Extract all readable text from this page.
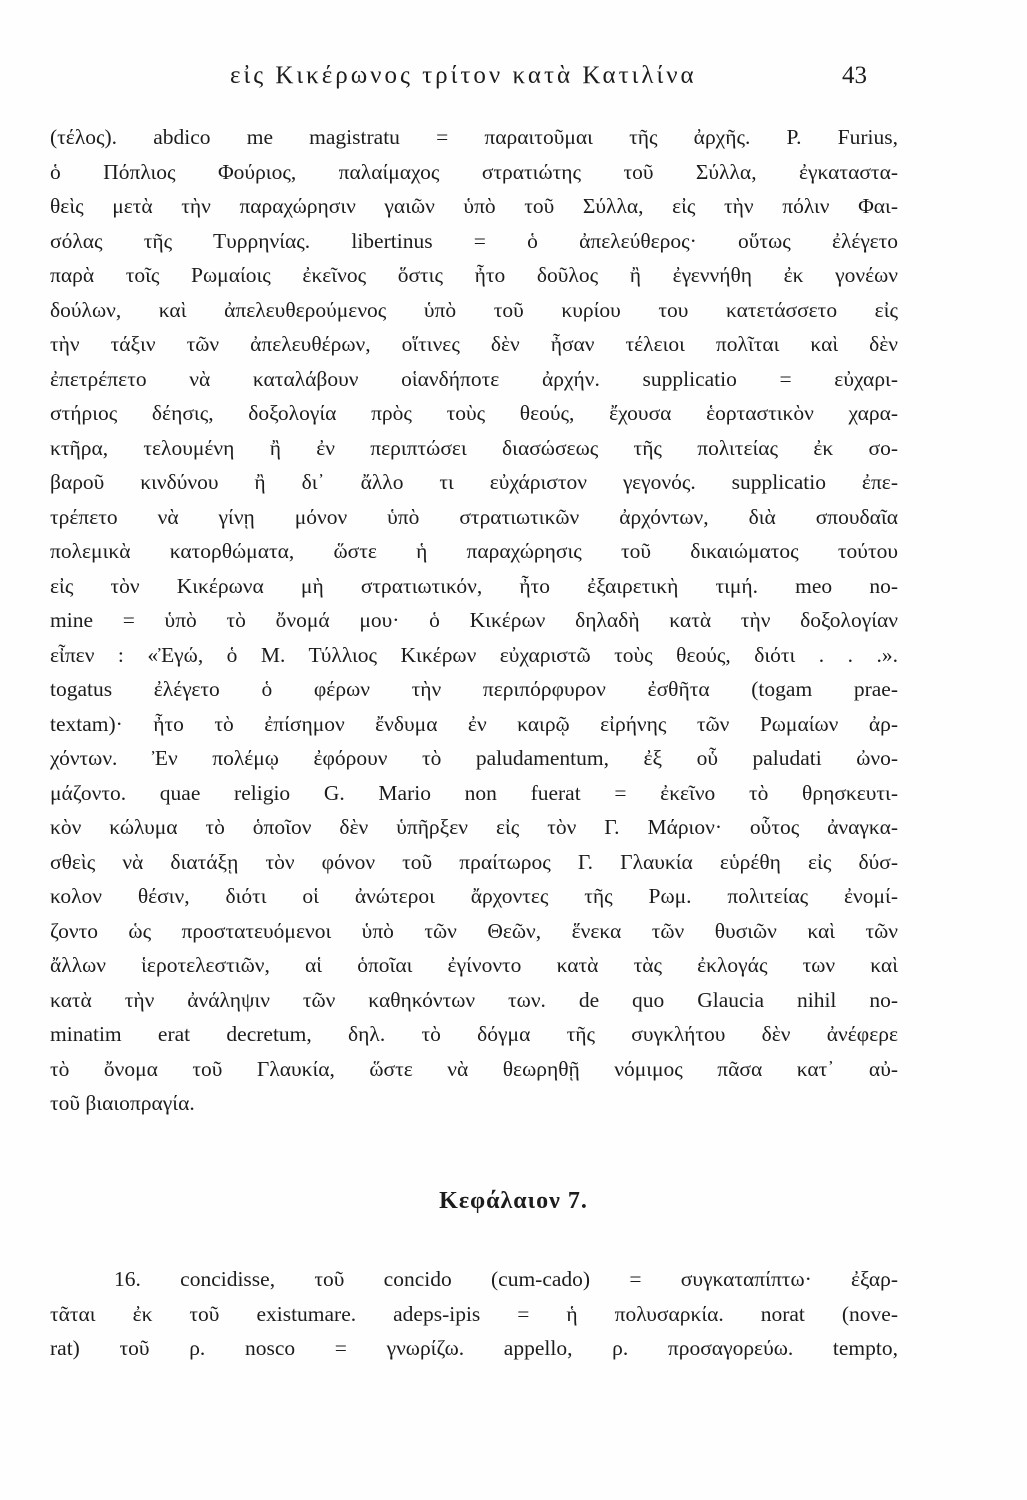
εἰς Κικέρωνος τρίτον κατὰ Κατιλίνα	43
(τέλος). abdico me magistratu = παραιτοῦμαι τῆς ἀρχῆς. P. Furius,
ὁ Πόπλιος Φούριος, παλαίμαχος στρατιώτης τοῦ Σύλλα, ἐγκαταστα-
θεὶς μετὰ τὴν παραχώρησιν γαιῶν ὑπὸ τοῦ Σύλλα, εἰς τὴν πόλιν Φαι-
σόλας τῆς Τυρρηνίας. libertinus = ὁ ἀπελεύθερος· οὕτως ἐλέγετο
παρὰ τοῖς Ρωμαίοις ἐκεῖνος ὅστις ἦτο δοῦλος ἢ ἐγεννήθη ἐκ γονέων
δούλων, καὶ ἀπελευθερούμενος ὑπὸ τοῦ κυρίου του κατετάσσετο εἰς
τὴν τάξιν τῶν ἀπελευθέρων, οἵτινες δὲν ἦσαν τέλειοι πολῖται καὶ δὲν
ἐπετρέπετο νὰ καταλάβουν οἱανδήποτε ἀρχήν. supplicatio = εὐχαρι-
στήριος δέησις, δοξολογία πρὸς τοὺς θεούς, ἔχουσα ἑορταστικὸν χαρα-
κτῆρα, τελουμένη ἢ ἐν περιπτώσει διασώσεως τῆς πολιτείας ἐκ σο-
βαροῦ κινδύνου ἢ δι᾽ ἄλλο τι εὐχάριστον γεγονός. supplicatio ἐπε-
τρέπετο νὰ γίνῃ μόνον ὑπὸ στρατιωτικῶν ἀρχόντων, διὰ σπουδαῖα
πολεμικὰ κατορθώματα, ὥστε ἡ παραχώρησις τοῦ δικαιώματος τούτου
εἰς τὸν Κικέρωνα μὴ στρατιωτικόν, ἦτο ἐξαιρετικὴ τιμή. meo no-
mine = ὑπὸ τὸ ὄνομά μου· ὁ Κικέρων δηλαδὴ κατὰ τὴν δοξολογίαν
εἶπεν : «Ἐγώ, ὁ Μ. Τύλλιος Κικέρων εὐχαριστῶ τοὺς θεούς, διότι . . .».
togatus ἐλέγετο ὁ φέρων τὴν περιπόρφυρον ἐσθῆτα (togam prae-
textam)· ἦτο τὸ ἐπίσημον ἔνδυμα ἐν καιρῷ εἰρήνης τῶν Ρωμαίων ἀρ-
χόντων. Ἐν πολέμῳ ἐφόρουν τὸ paludamentum, ἐξ οὗ paludati ὠνο-
μάζοντο. quae religio G. Mario non fuerat = ἐκεῖνο τὸ θρησκευτι-
κὸν κώλυμα τὸ ὁποῖον δὲν ὑπῆρξεν εἰς τὸν Γ. Μάριον· οὗτος ἀναγκα-
σθεὶς νὰ διατάξῃ τὸν φόνον τοῦ πραίτωρος Γ. Γλαυκία εὑρέθη εἰς δύσ-
κολον θέσιν, διότι οἱ ἀνώτεροι ἄρχοντες τῆς Ρωμ. πολιτείας ἐνομί-
ζοντο ὡς προστατευόμενοι ὑπὸ τῶν Θεῶν, ἕνεκα τῶν θυσιῶν καὶ τῶν
ἄλλων ἱεροτελεστιῶν, αἱ ὁποῖαι ἐγίνοντο κατὰ τὰς ἐκλογάς των καὶ
κατὰ τὴν ἀνάληψιν τῶν καθηκόντων των. de quo Glaucia nihil no-
minatim erat decretum, δηλ. τὸ δόγμα τῆς συγκλήτου δὲν ἀνέφερε
τὸ ὄνομα τοῦ Γλαυκία, ὥστε νὰ θεωρηθῇ νόμιμος πᾶσα κατ᾽ αὐ-
τοῦ βιαιοπραγία.
Κεφάλαιον 7.
16. concidisse, τοῦ concido (cum-cado) = συγκαταπίπτω· ἐξαρ-
τᾶται ἐκ τοῦ existumare. adeps-ipis = ἡ πολυσαρκία. norat (nove-
rat) τοῦ ρ. nosco = γνωρίζω. appello, ρ. προσαγορεύω. tempto,
